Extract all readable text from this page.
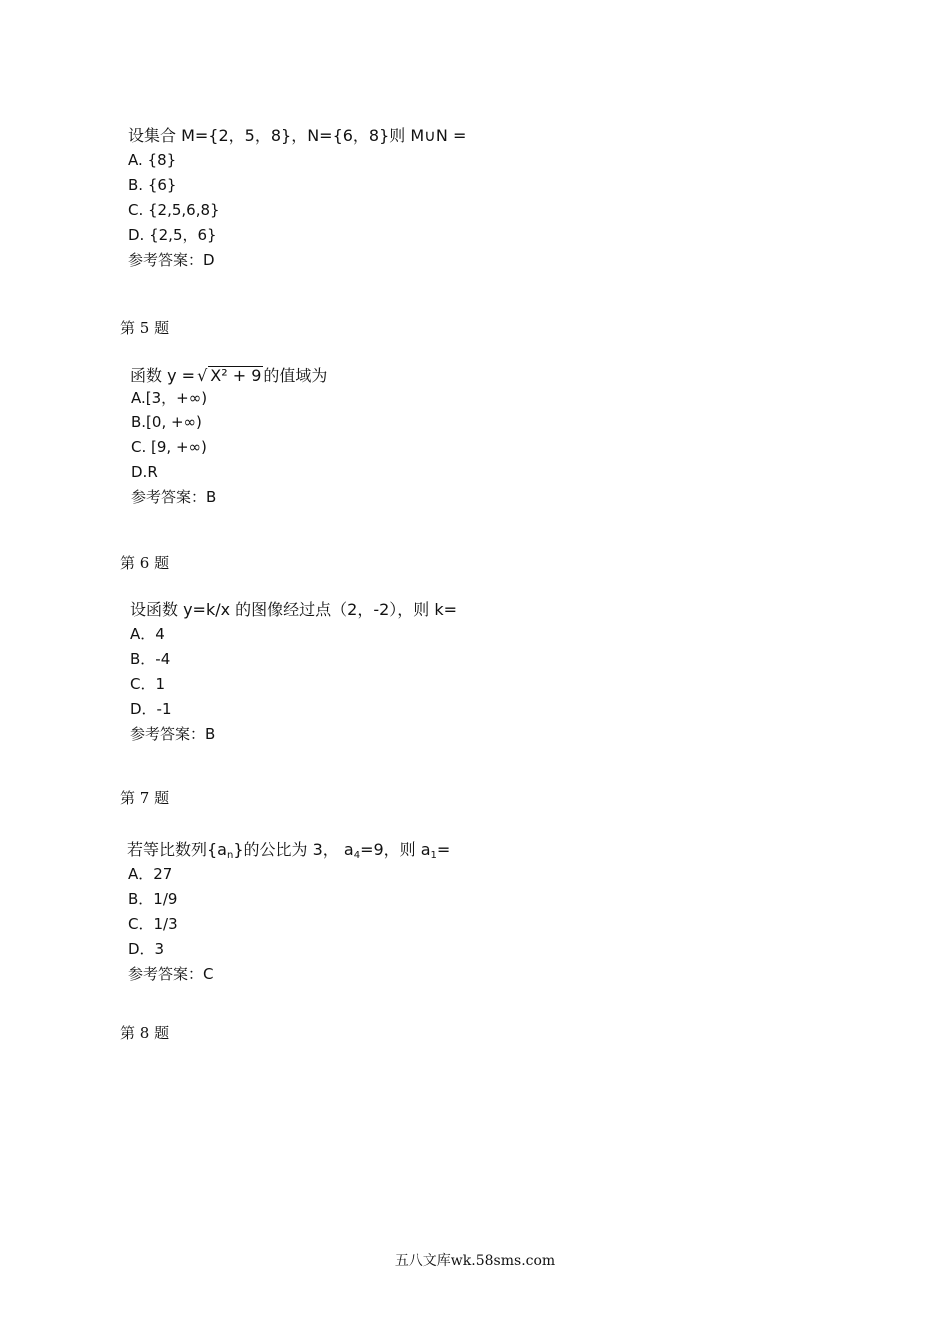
设集合 M={2，5，8}，N={6，8}则 M∪N =
A. {8}
B. {6}
C. {2,5,6,8}
D. {2,5，6}
参考答案：D
第 5 题
函数 y = √ X² + 9 的值域为
A.[3，+∞)
B.[0, +∞)
C. [9, +∞)
D.R
参考答案：B
第 6 题
设函数 y=k/x 的图像经过点（2，-2），则 k=
A．4
B．-4
C．1
D．-1
参考答案：B
第 7 题
若等比数列$\{a_n\}$的公比为 3， $a_4=9$，则 $a_1=$
A．27
B．1/9
C．1/3
D．3
参考答案：C
第 8 题
五八文库wk.58sms.com
